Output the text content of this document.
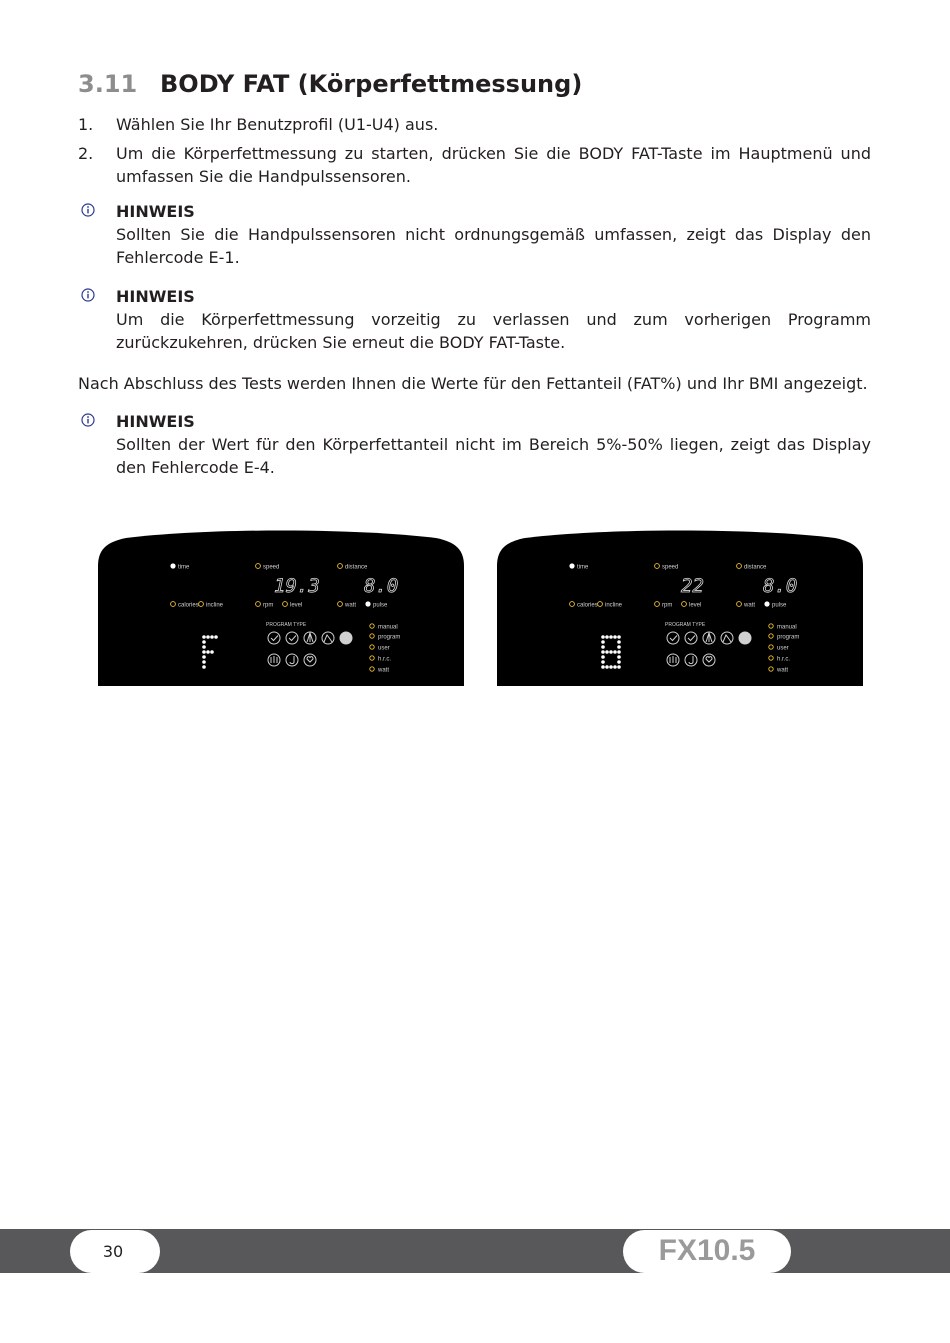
3.11 BODY FAT (Körperfettmessung)
1. Wählen Sie Ihr Benutzprofil (U1-U4) aus.
2. Um die Körperfettmessung zu starten, drücken Sie die BODY FAT-Taste im Hauptmenü und umfassen Sie die Handpulssensoren.
HINWEIS
Sollten Sie die Handpulssensoren nicht ordnungsgemäß umfassen, zeigt das Display den Fehlercode E-1.
HINWEIS
Um die Körperfettmessung vorzeitig zu verlassen und zum vorherigen Programm zurückzukehren, drücken Sie erneut die BODY FAT-Taste.
Nach Abschluss des Tests werden Ihnen die Werte für den Fettanteil (FAT%) und Ihr BMI angezeigt.
HINWEIS
Sollten der Wert für den Körperfettanteil nicht im Bereich 5%-50% liegen, zeigt das Display den Fehlercode E-4.
time	speed	distance
19.3 8.0
calories incline	rpm	level	watt	pulse
PROGRAM TYPE	manual
program
user
h.r.c.
watt
time	speed	distance
22	8.0
calories incline	rpm	level	watt	pulse
PROGRAM TYPE	manual
program
user
h.r.c.
watt
30	FX10.5
